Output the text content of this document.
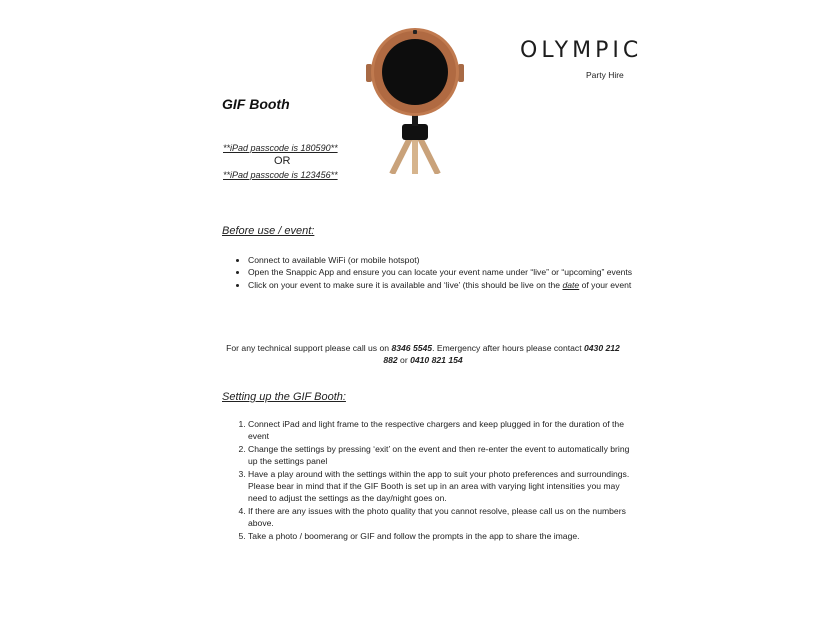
OLYMPIC
Party Hire
GIF Booth
**iPad passcode is 180590**
OR
**iPad passcode is 123456**
Before use / event:
• Connect to available WiFi (or mobile hotspot)
• Open the Snappic App and ensure you can locate your event name under “live” or “upcoming” events
• Click on your event to make sure it is available and ‘live’ (this should be live on the date of your event
For any technical support please call us on 8346 5545. Emergency after hours please contact 0430 212 882 or 0410 821 154
Setting up the GIF Booth:
1. Connect iPad and light frame to the respective chargers and keep plugged in for the duration of the event
2. Change the settings by pressing ‘exit’ on the event and then re-enter the event to automatically bring up the settings panel
3. Have a play around with the settings within the app to suit your photo preferences and surroundings. Please bear in mind that if the GIF Booth is set up in an area with varying light intensities you may need to adjust the settings as the day/night goes on.
4. If there are any issues with the photo quality that you cannot resolve, please call us on the numbers above.
5. Take a photo / boomerang or GIF and follow the prompts in the app to share the image.
